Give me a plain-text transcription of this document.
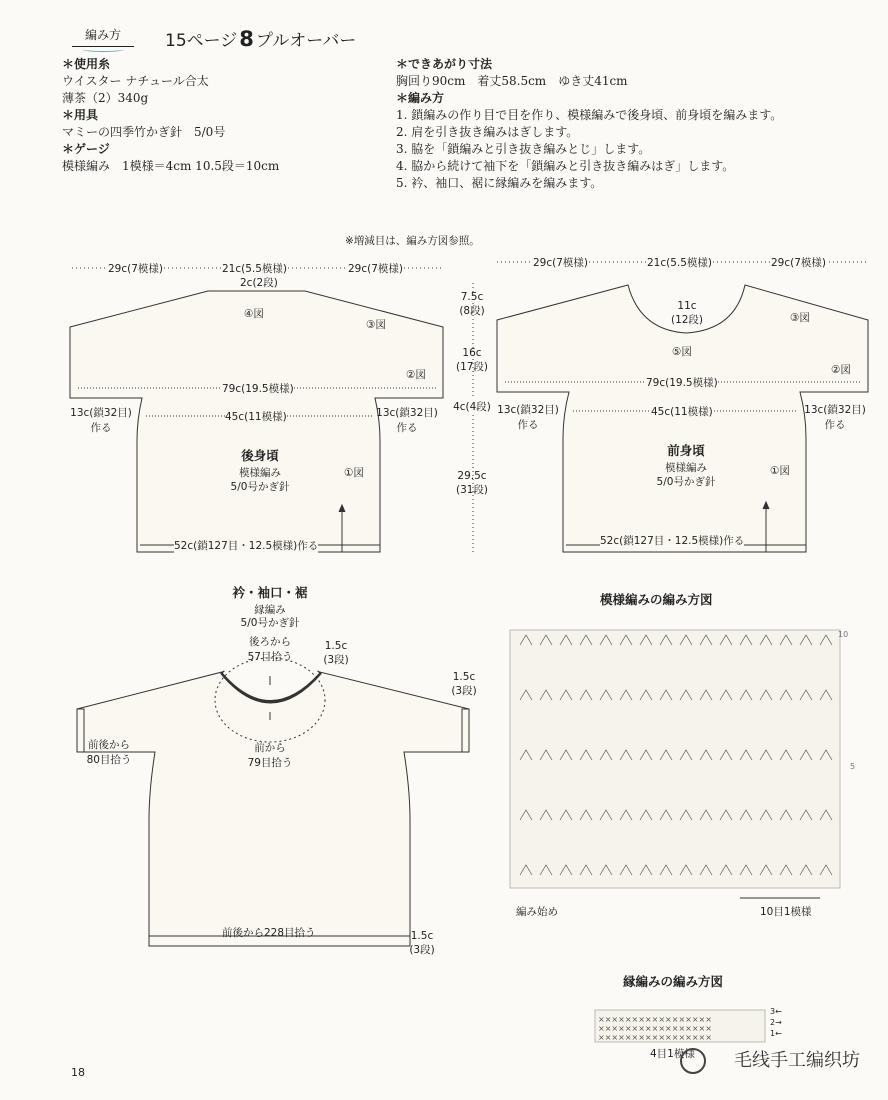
編み方	15ページ8 プルオーバー
＊使用糸
ウイスター ナチュール合太
薄茶（2）340g
＊用具
マミーの四季竹かぎ針　5/0号
＊ゲージ
模様編み　1模様＝4cm 10.5段＝10cm
＊できあがり寸法
胸回り90cm　着丈58.5cm　ゆき丈41cm
＊編み方
1. 鎖編みの作り目で目を作り、模様編みで後身頃、前身頃を編みます。
2. 肩を引き抜き編みはぎします。
3. 脇を「鎖編みと引き抜き編みとじ」します。
4. 脇から続けて袖下を「鎖編みと引き抜き編みはぎ」します。
5. 衿、袖口、裾に縁編みを編みます。
※増減目は、編み方図参照。
×××××××××××××××××
×××××××××××××××××
×××××××××××××××××
29c(7模様)	21c(5.5模様)	29c(7模様)
2c(2段)
④図
③図
②図
79c(19.5模様)
45c(11模様)
13c(鎖32目)
作る
13c(鎖32目)
作る
後身頃
模様編み
5/0号かぎ針
①図
52c(鎖127目・12.5模様)作る
7.5c
(8段)
16c
(17段)
4c(4段)
29.5c
(31段)
29c(7模様)	21c(5.5模様)	29c(7模様)
11c
(12段)
⑤図
③図
②図
79c(19.5模様)
45c(11模様)
13c(鎖32目)
作る
13c(鎖32目)
作る
前身頃
模様編み
5/0号かぎ針
①図
52c(鎖127目・12.5模様)作る
衿・袖口・裾
縁編み
5/0号かぎ針
後ろから
57目拾う
1.5c
(3段)
1.5c
(3段)
前後から
80目拾う
前から
79目拾う
前後から228目拾う	1.5c
(3段)
模様編みの編み方図
10
5
編み始め	10目1模様
縁編みの編み方図
3←
2→
1←
4目1模様
18
毛线手工编织坊
